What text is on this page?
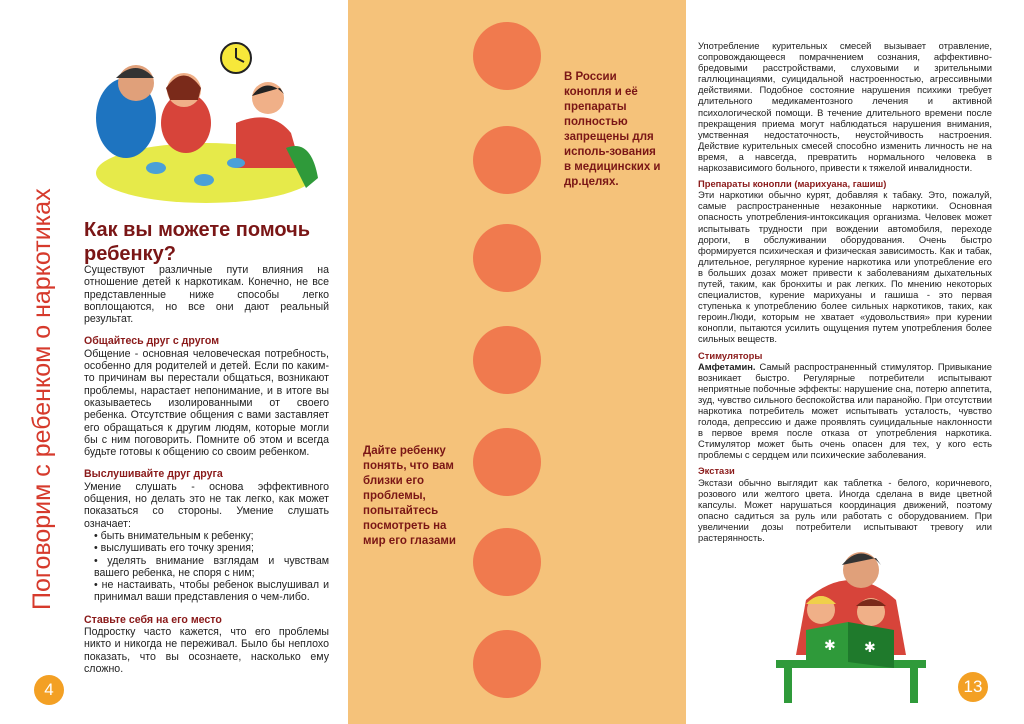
Поговорим с ребенком о наркотиках Как вы можете помочь ребенку?

Существуют различные пути влияния на отношение детей к наркотикам. Конечно, не все представленные ниже способы легко воплощаются, но все они дают реальный результат.

Общайтесь друг с другом
Общение - основная человеческая потребность, особенно для родителей и детей. Если по каким-то причинам вы перестали общаться, возникают проблемы, нарастает непонимание, и в итоге вы оказываетесь изолированными от своего ребенка. Отсутствие общения с вами заставляет его обращаться к другим людям, которые могли бы с ним поговорить. Помните об этом и всегда будьте готовы к общению со своим ребенком.

Выслушивайте друг друга
Умение слушать - основа эффективного общения, но делать это не так легко, как может показаться со стороны. Умение слушать означает:

• быть внимательным к ребенку;
• выслушивать его точку зрения;
• уделять внимание взглядам и чувствам вашего ребенка, не споря с ним;
• не настаивать, чтобы ребенок выслушивал и принимал ваши представления о чем-либо.

Ставьте себя на его место
Подростку часто кажется, что его проблемы никто и никогда не переживал. Было бы неплохо показать, что вы осознаете, насколько ему сложно.

4
В России конопля и её препараты полностью запрещены для исполь-зования в медицинских и др.целях.
Дайте ребенку понять, что вам близки его проблемы, попытайтесь посмотреть на мир его глазами

Употребление курительных смесей вызывает отравление, сопровождающееся помрачнением сознания, аффективно-бредовыми расстройствами, слуховыми и зрительными галлюцинациями, суицидальной настроенностью, агрессивными действиями. Подобное состояние нарушения психики требует длительного медикаментозного лечения и активной психологической помощи. В течение длительного времени после прекращения приема могут наблюдаться нарушения внимания, умственная недостаточность, неустойчивость настроения. Действие курительных смесей способно изменить личность не на время, а навсегда, превратить нормального человека в наркозависимого больного, привести к тяжелой инвалидности.

Препараты конопли (марихуана, гашиш)
Эти наркотики обычно курят, добавляя к табаку. Это, пожалуй, самые распространенные незаконные наркотики. Основная опасность употребления-интоксикация организма. Человек может испытывать трудности при вождении автомобиля, переходе дороги, в обслуживании оборудования. Очень быстро формируется психическая и физическая зависимость. Как и табак, длительное, регулярное курение наркотика или употребление его в больших дозах может привести к заболеваниям дыхательных путей, таким, как бронхиты и рак легких. По мнению некоторых специалистов, курение марихуаны и гашиша - это первая ступенька к употреблению более сильных наркотиков, таких, как героин.Люди, которым не хватает «удовольствия» при курении конопли, пытаются усилить ощущения путем употребления более сильных веществ.

Стимуляторы
Амфетамин. Самый распространенный стимулятор. Привыкание возникает быстро. Регулярные потребители испытывают неприятные побочные эффекты: нарушение сна, потерю аппетита, зуд, чувство сильного беспокойства или паранойю. При отсутствии наркотика потребитель может испытывать усталость, чувство голода, депрессию и даже проявлять суицидальные наклонности в первое время после отказа от употребления наркотика. Стимулятор может быть очень опасен для тех, у кого есть проблемы с сердцем или психические заболевания.

Экстази
Экстази обычно выглядит как таблетка - белого, коричневого, розового или желтого цвета. Иногда сделана в виде цветной капсулы. Может нарушаться координация движений, поэтому опасно садиться за руль или работать с оборудованием. При увеличении дозы потребители испытывают тревогу или растерянность.

✱ ✱
13
